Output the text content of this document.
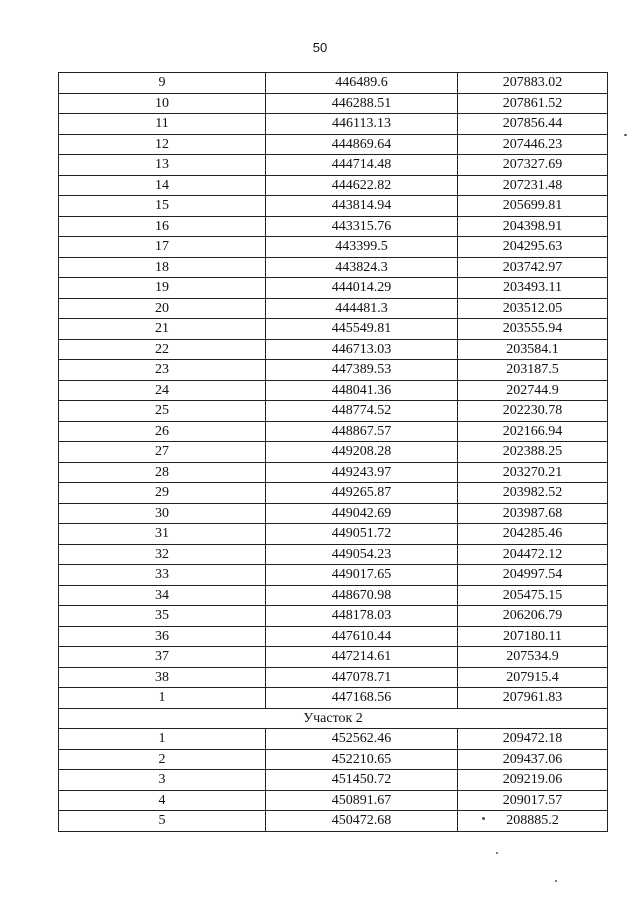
50
9	446489.6	207883.02
10	446288.51	207861.52
11	446113.13	207856.44
12	444869.64	207446.23
13	444714.48	207327.69
14	444622.82	207231.48
15	443814.94	205699.81
16	443315.76	204398.91
17	443399.5	204295.63
18	443824.3	203742.97
19	444014.29	203493.11
20	444481.3	203512.05
21	445549.81	203555.94
22	446713.03	203584.1
23	447389.53	203187.5
24	448041.36	202744.9
25	448774.52	202230.78
26	448867.57	202166.94
27	449208.28	202388.25
28	449243.97	203270.21
29	449265.87	203982.52
30	449042.69	203987.68
31	449051.72	204285.46
32	449054.23	204472.12
33	449017.65	204997.54
34	448670.98	205475.15
35	448178.03	206206.79
36	447610.44	207180.11
37	447214.61	207534.9
38	447078.71	207915.4
1	447168.56	207961.83
Участок 2		
1	452562.46	209472.18
2	452210.65	209437.06
3	451450.72	209219.06
4	450891.67	209017.57
5	450472.68	208885.2
